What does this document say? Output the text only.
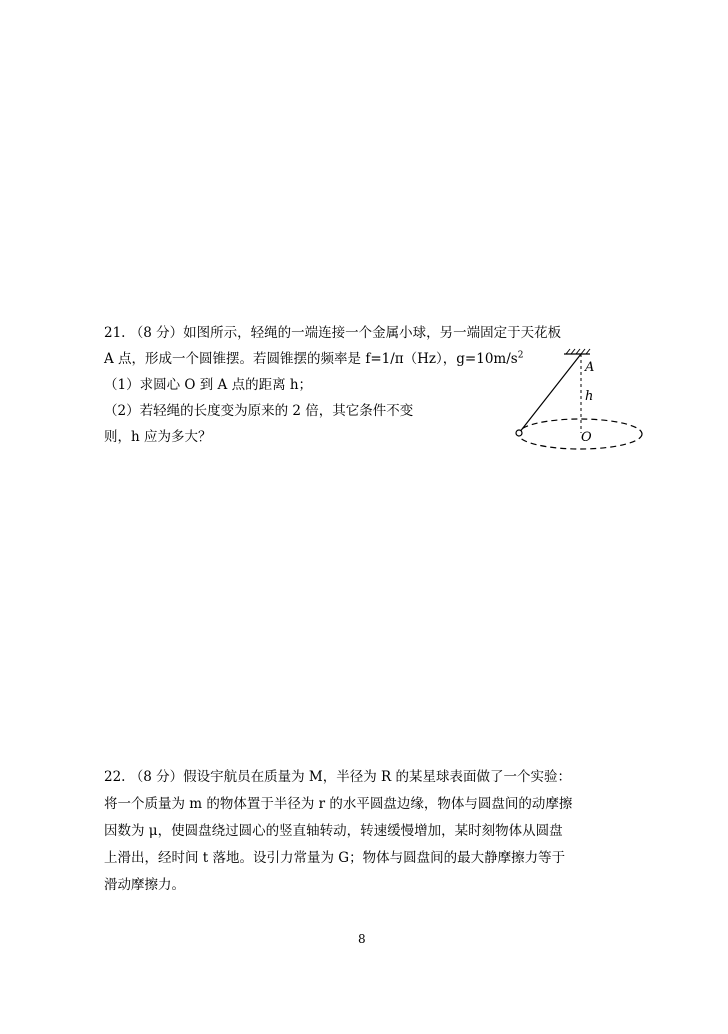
21. （8 分）如图所示，轻绳的一端连接一个金属小球，另一端固定于天花板
A 点，形成一个圆锥摆。若圆锥摆的频率是 f=1/π（Hz），$g=10m/s^2$
（1）求圆心 O 到 A 点的距离 h；
（2）若轻绳的长度变为原来的 2 倍，其它条件不变
则，h 应为多大？
A
h
O
22. （8 分）假设宇航员在质量为 M，半径为 R 的某星球表面做了一个实验：
将一个质量为 m 的物体置于半径为 r 的水平圆盘边缘，物体与圆盘间的动摩擦
因数为 μ，使圆盘绕过圆心的竖直轴转动，转速缓慢增加，某时刻物体从圆盘
上滑出，经时间 t 落地。设引力常量为 G；物体与圆盘间的最大静摩擦力等于
滑动摩擦力。
8
